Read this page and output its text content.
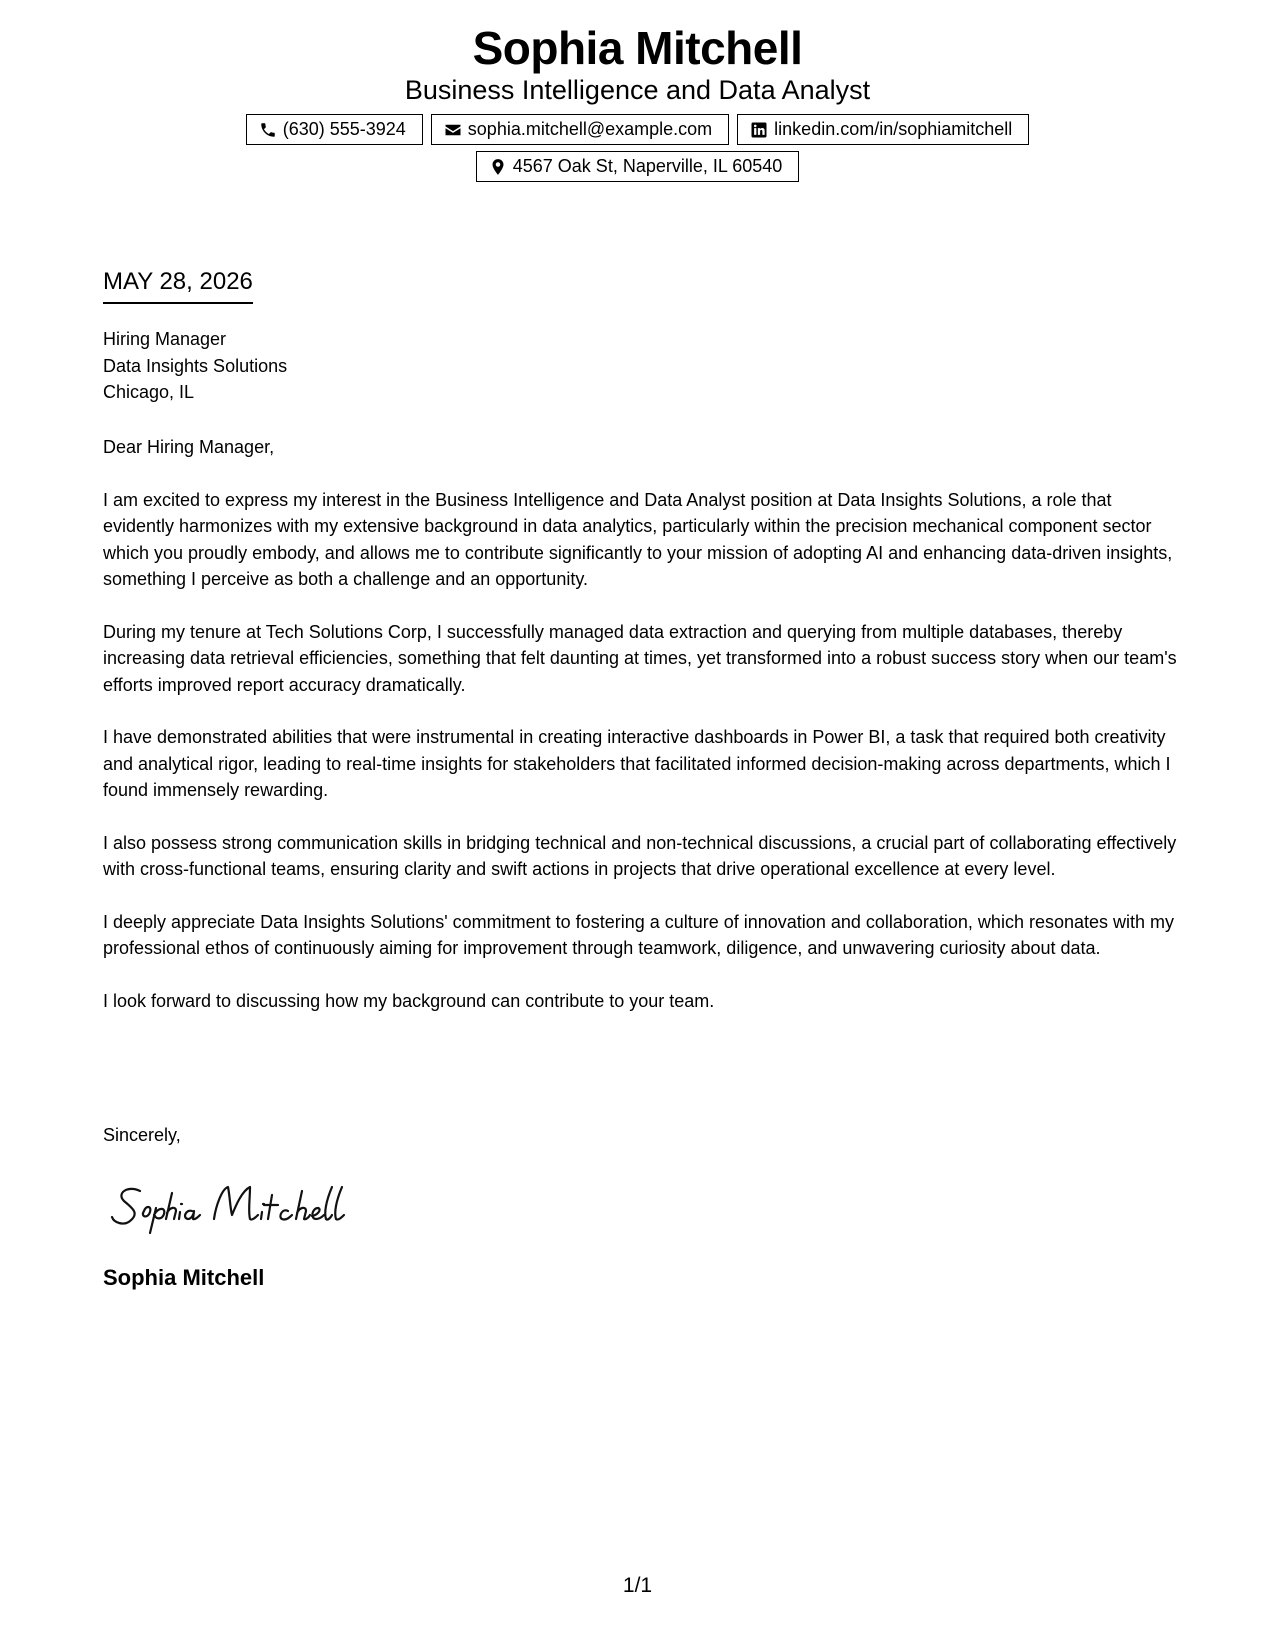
Sophia Mitchell
Business Intelligence and Data Analyst
(630) 555-3924	sophia.mitchell@example.com	linkedin.com/in/sophiamitchell
4567 Oak St, Naperville, IL 60540
MAY 28, 2026
Hiring Manager
Data Insights Solutions
Chicago, IL

Dear Hiring Manager,

I am excited to express my interest in the Business Intelligence and Data Analyst position at Data Insights Solutions, a role that evidently harmonizes with my extensive background in data analytics, particularly within the precision mechanical component sector which you proudly embody, and allows me to contribute significantly to your mission of adopting AI and enhancing data-driven insights, something I perceive as both a challenge and an opportunity.

During my tenure at Tech Solutions Corp, I successfully managed data extraction and querying from multiple databases, thereby increasing data retrieval efficiencies, something that felt daunting at times, yet transformed into a robust success story when our team's efforts improved report accuracy dramatically.

I have demonstrated abilities that were instrumental in creating interactive dashboards in Power BI, a task that required both creativity and analytical rigor, leading to real-time insights for stakeholders that facilitated informed decision-making across departments, which I found immensely rewarding.

I also possess strong communication skills in bridging technical and non-technical discussions, a crucial part of collaborating effectively with cross-functional teams, ensuring clarity and swift actions in projects that drive operational excellence at every level.

I deeply appreciate Data Insights Solutions' commitment to fostering a culture of innovation and collaboration, which resonates with my professional ethos of continuously aiming for improvement through teamwork, diligence, and unwavering curiosity about data.

I look forward to discussing how my background can contribute to your team.

Sincerely,
Sophia Mitchell
1/1
